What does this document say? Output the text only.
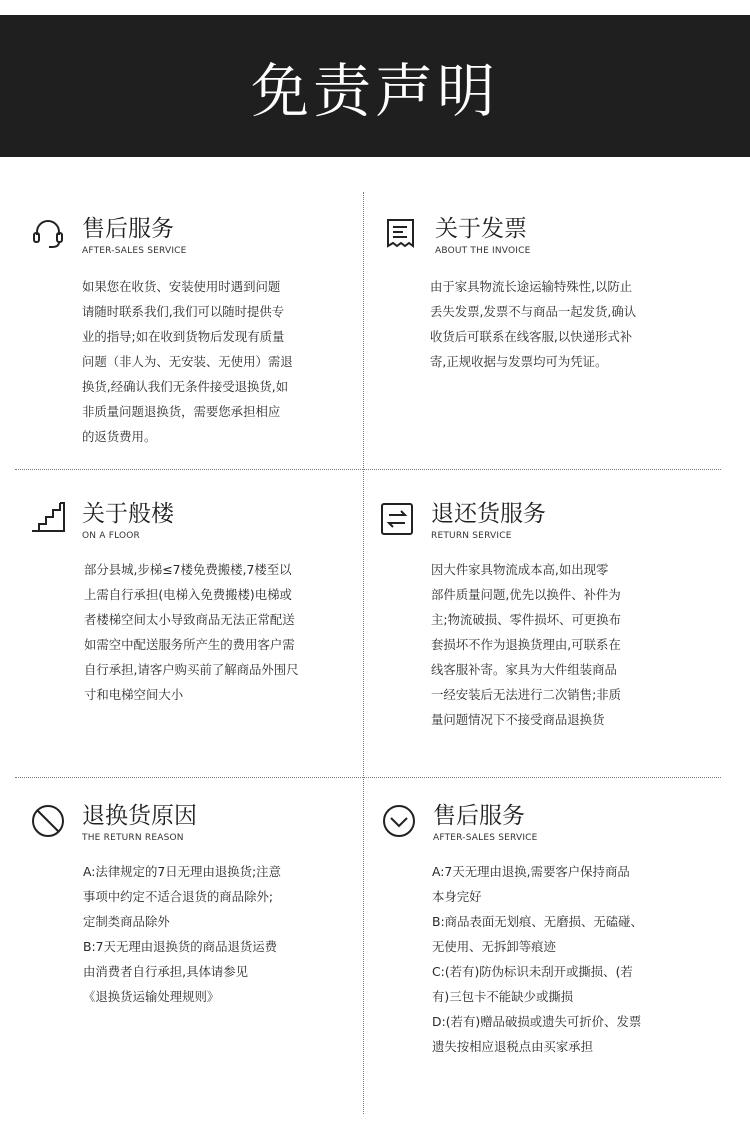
免责声明
售后服务
AFTER-SALES SERVICE
如果您在收货、安装使用时遇到问题
请随时联系我们,我们可以随时提供专
业的指导;如在收到货物后发现有质量
问题（非人为、无安装、无使用）需退
换货,经确认我们无条件接受退换货,如
非质量问题退换货，需要您承担相应
的返货费用。
关于发票
ABOUT THE INVOICE
由于家具物流长途运输特殊性,以防止
丢失发票,发票不与商品一起发货,确认
收货后可联系在线客服,以快递形式补
寄,正规收据与发票均可为凭证。
关于般楼
ON A FLOOR
部分县城,步梯≤7楼免费搬楼,7楼至以
上需自行承担(电梯入免费搬楼)电梯或
者楼梯空间太小导致商品无法正常配送
如需空中配送服务所产生的费用客户需
自行承担,请客户购买前了解商品外围尺
寸和电梯空间大小
退还货服务
RETURN SERVICE
因大件家具物流成本高,如出现零
部件质量问题,优先以换件、补件为
主;物流破损、零件损坏、可更换布
套损坏不作为退换货理由,可联系在
线客服补寄。家具为大件组装商品
一经安装后无法进行二次销售;非质
量问题情况下不接受商品退换货
退换货原因
THE RETURN REASON
A:法律规定的7日无理由退换货;注意
事项中约定不适合退货的商品除外;
定制类商品除外
B:7天无理由退换货的商品退货运费
由消费者自行承担,具体请参见
《退换货运输处理规则》
售后服务
AFTER-SALES SERVICE
A:7天无理由退换,需要客户保持商品
本身完好
B:商品表面无划痕、无磨损、无磕碰、
无使用、无拆卸等痕迹
C:(若有)防伪标识未刮开或撕损、(若
有)三包卡不能缺少或撕损
D:(若有)赠品破损或遗失可折价、发票
遗失按相应退税点由买家承担
